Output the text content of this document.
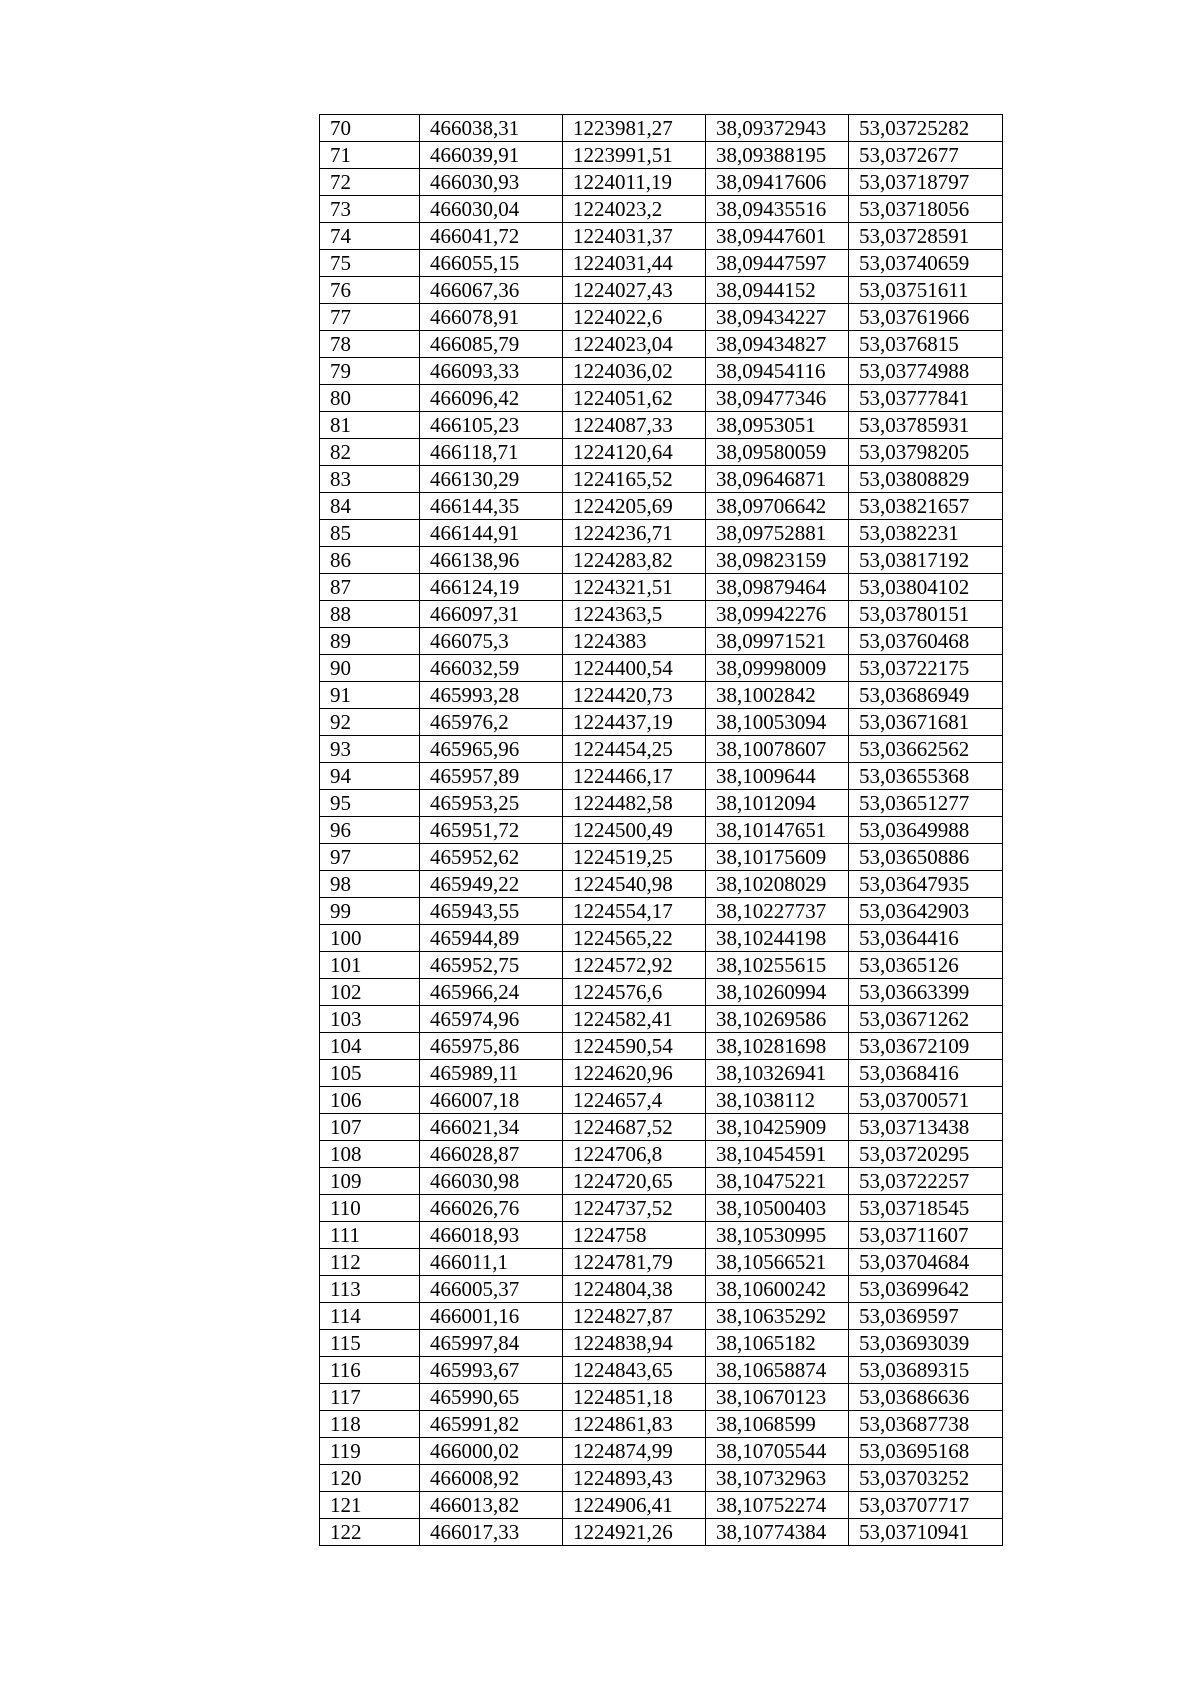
70	466038,31	1223981,27	38,09372943	53,03725282
71	466039,91	1223991,51	38,09388195	53,0372677
72	466030,93	1224011,19	38,09417606	53,03718797
73	466030,04	1224023,2	38,09435516	53,03718056
74	466041,72	1224031,37	38,09447601	53,03728591
75	466055,15	1224031,44	38,09447597	53,03740659
76	466067,36	1224027,43	38,0944152	53,03751611
77	466078,91	1224022,6	38,09434227	53,03761966
78	466085,79	1224023,04	38,09434827	53,0376815
79	466093,33	1224036,02	38,09454116	53,03774988
80	466096,42	1224051,62	38,09477346	53,03777841
81	466105,23	1224087,33	38,0953051	53,03785931
82	466118,71	1224120,64	38,09580059	53,03798205
83	466130,29	1224165,52	38,09646871	53,03808829
84	466144,35	1224205,69	38,09706642	53,03821657
85	466144,91	1224236,71	38,09752881	53,0382231
86	466138,96	1224283,82	38,09823159	53,03817192
87	466124,19	1224321,51	38,09879464	53,03804102
88	466097,31	1224363,5	38,09942276	53,03780151
89	466075,3	1224383	38,09971521	53,03760468
90	466032,59	1224400,54	38,09998009	53,03722175
91	465993,28	1224420,73	38,1002842	53,03686949
92	465976,2	1224437,19	38,10053094	53,03671681
93	465965,96	1224454,25	38,10078607	53,03662562
94	465957,89	1224466,17	38,1009644	53,03655368
95	465953,25	1224482,58	38,1012094	53,03651277
96	465951,72	1224500,49	38,10147651	53,03649988
97	465952,62	1224519,25	38,10175609	53,03650886
98	465949,22	1224540,98	38,10208029	53,03647935
99	465943,55	1224554,17	38,10227737	53,03642903
100	465944,89	1224565,22	38,10244198	53,0364416
101	465952,75	1224572,92	38,10255615	53,0365126
102	465966,24	1224576,6	38,10260994	53,03663399
103	465974,96	1224582,41	38,10269586	53,03671262
104	465975,86	1224590,54	38,10281698	53,03672109
105	465989,11	1224620,96	38,10326941	53,0368416
106	466007,18	1224657,4	38,1038112	53,03700571
107	466021,34	1224687,52	38,10425909	53,03713438
108	466028,87	1224706,8	38,10454591	53,03720295
109	466030,98	1224720,65	38,10475221	53,03722257
110	466026,76	1224737,52	38,10500403	53,03718545
111	466018,93	1224758	38,10530995	53,03711607
112	466011,1	1224781,79	38,10566521	53,03704684
113	466005,37	1224804,38	38,10600242	53,03699642
114	466001,16	1224827,87	38,10635292	53,0369597
115	465997,84	1224838,94	38,1065182	53,03693039
116	465993,67	1224843,65	38,10658874	53,03689315
117	465990,65	1224851,18	38,10670123	53,03686636
118	465991,82	1224861,83	38,1068599	53,03687738
119	466000,02	1224874,99	38,10705544	53,03695168
120	466008,92	1224893,43	38,10732963	53,03703252
121	466013,82	1224906,41	38,10752274	53,03707717
122	466017,33	1224921,26	38,10774384	53,03710941
